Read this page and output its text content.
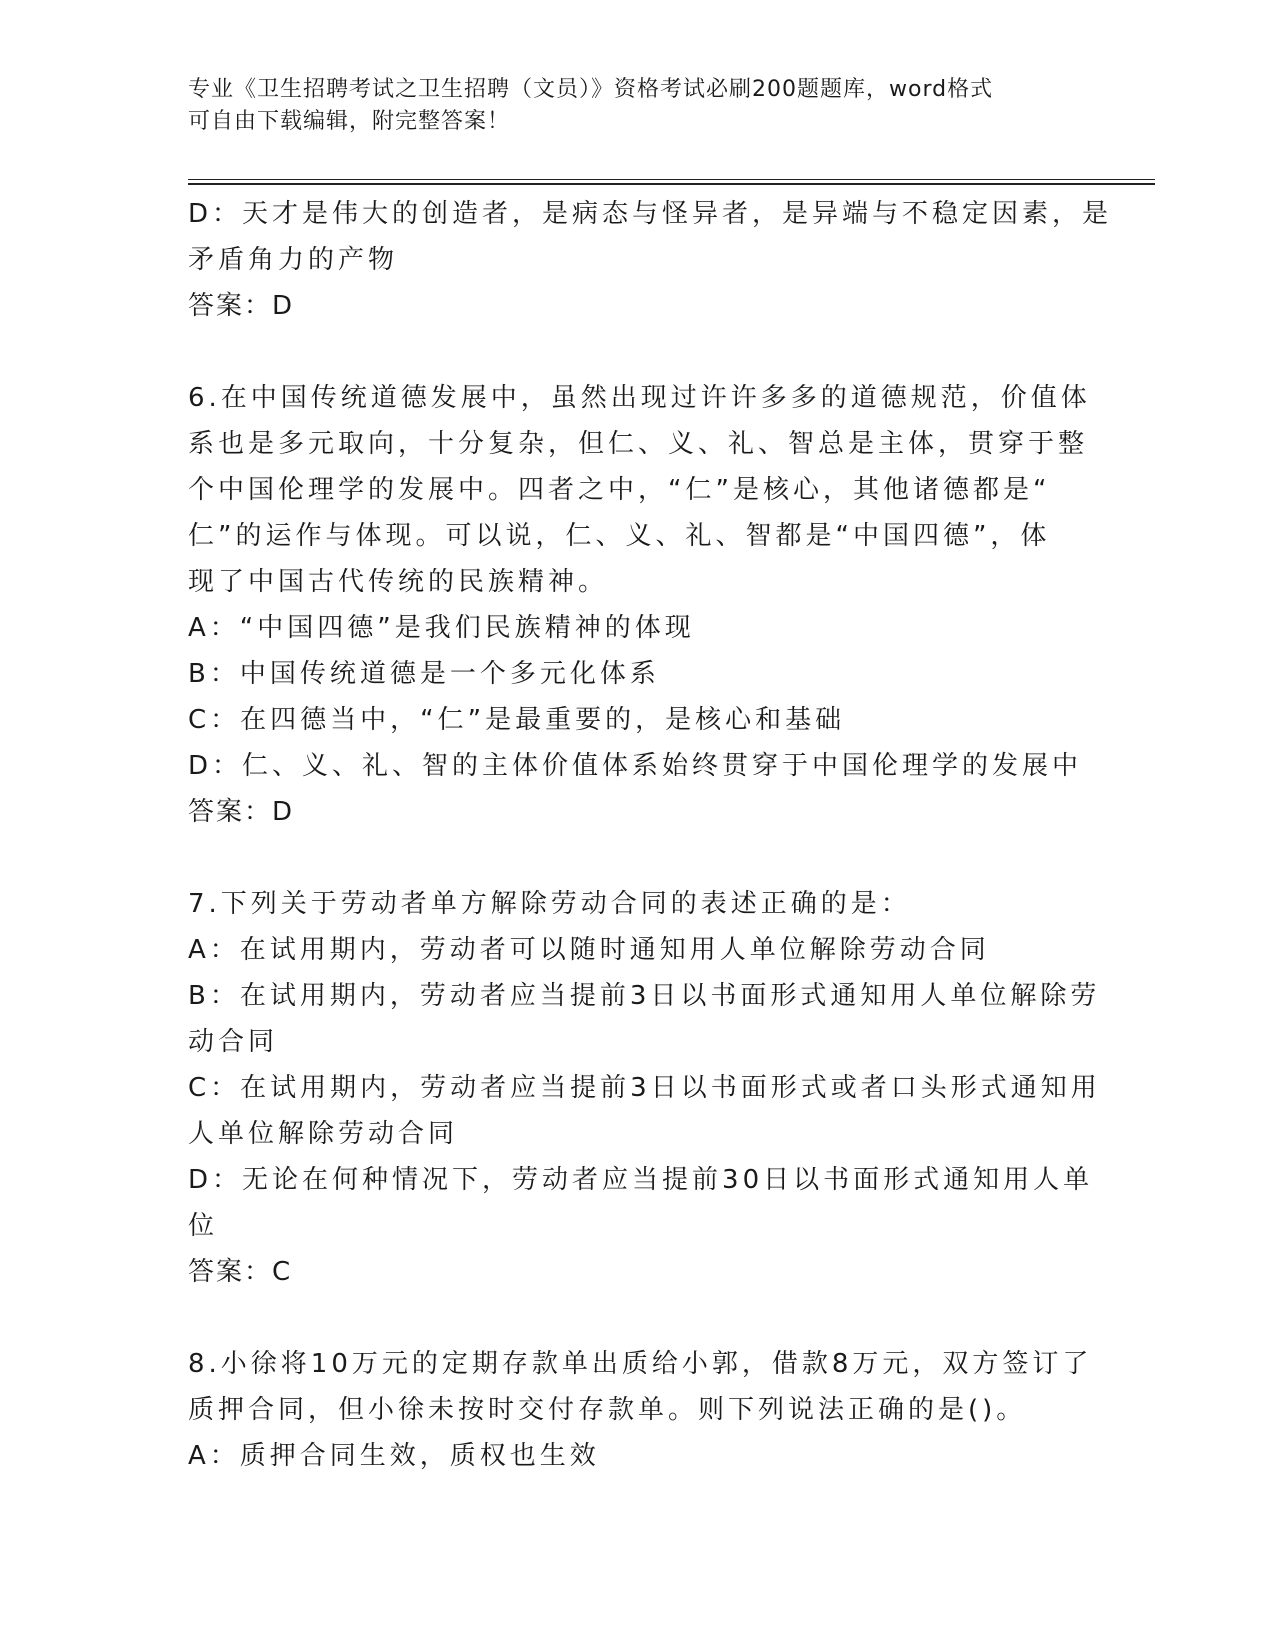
专业《卫生招聘考试之卫生招聘（文员）》资格考试必刷200题题库，word格式
可自由下载编辑，附完整答案！
D：天才是伟大的创造者，是病态与怪异者，是异端与不稳定因素，是
矛盾角力的产物
答案：D
6.在中国传统道德发展中，虽然出现过许许多多的道德规范，价值体
系也是多元取向，十分复杂，但仁、义、礼、智总是主体，贯穿于整
个中国伦理学的发展中。四者之中，“仁”是核心，其他诸德都是“
仁”的运作与体现。可以说，仁、义、礼、智都是“中国四德”，体
现了中国古代传统的民族精神。
A：“中国四德”是我们民族精神的体现
B：中国传统道德是一个多元化体系
C：在四德当中，“仁”是最重要的，是核心和基础
D：仁、义、礼、智的主体价值体系始终贯穿于中国伦理学的发展中
答案：D
7.下列关于劳动者单方解除劳动合同的表述正确的是：
A：在试用期内，劳动者可以随时通知用人单位解除劳动合同
B：在试用期内，劳动者应当提前3日以书面形式通知用人单位解除劳
动合同
C：在试用期内，劳动者应当提前3日以书面形式或者口头形式通知用
人单位解除劳动合同
D：无论在何种情况下，劳动者应当提前30日以书面形式通知用人单
位
答案：C
8.小徐将10万元的定期存款单出质给小郭，借款8万元，双方签订了
质押合同，但小徐未按时交付存款单。则下列说法正确的是()。
A：质押合同生效，质权也生效
